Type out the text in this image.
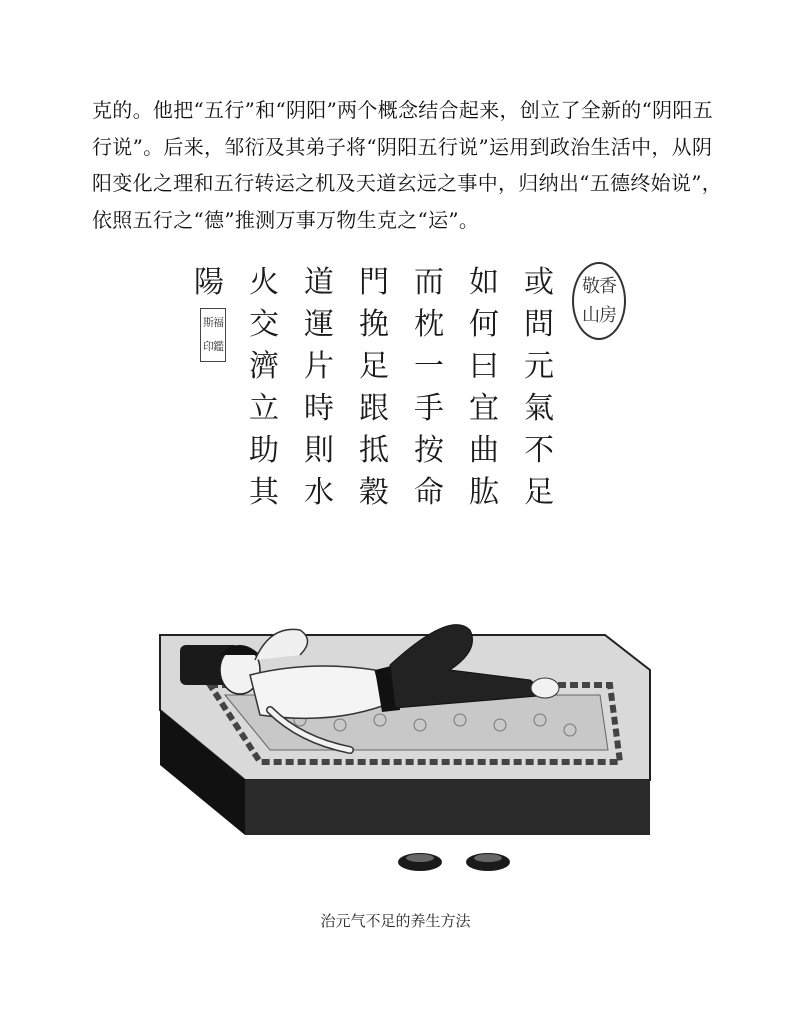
克的。他把“五行”和“阴阳”两个概念结合起来，创立了全新的“阴阳五

行说”。后来，邹衍及其弟子将“阴阳五行说”运用到政治生活中，从阴

阳变化之理和五行转运之机及天道玄远之事中，归纳出“五德终始说”，

依照五行之“德”推测万事万物生克之“运”。

敬 香
山 房
斯 福
印 鑑
或
問
元
氣
不
足
如
何
曰
宜
曲
肱
而
枕
一
手
按
命
門
挽
足
跟
抵
穀
道
運
片
時
則
水
火
交
濟
立
助
其
陽
治元气不足的养生方法
